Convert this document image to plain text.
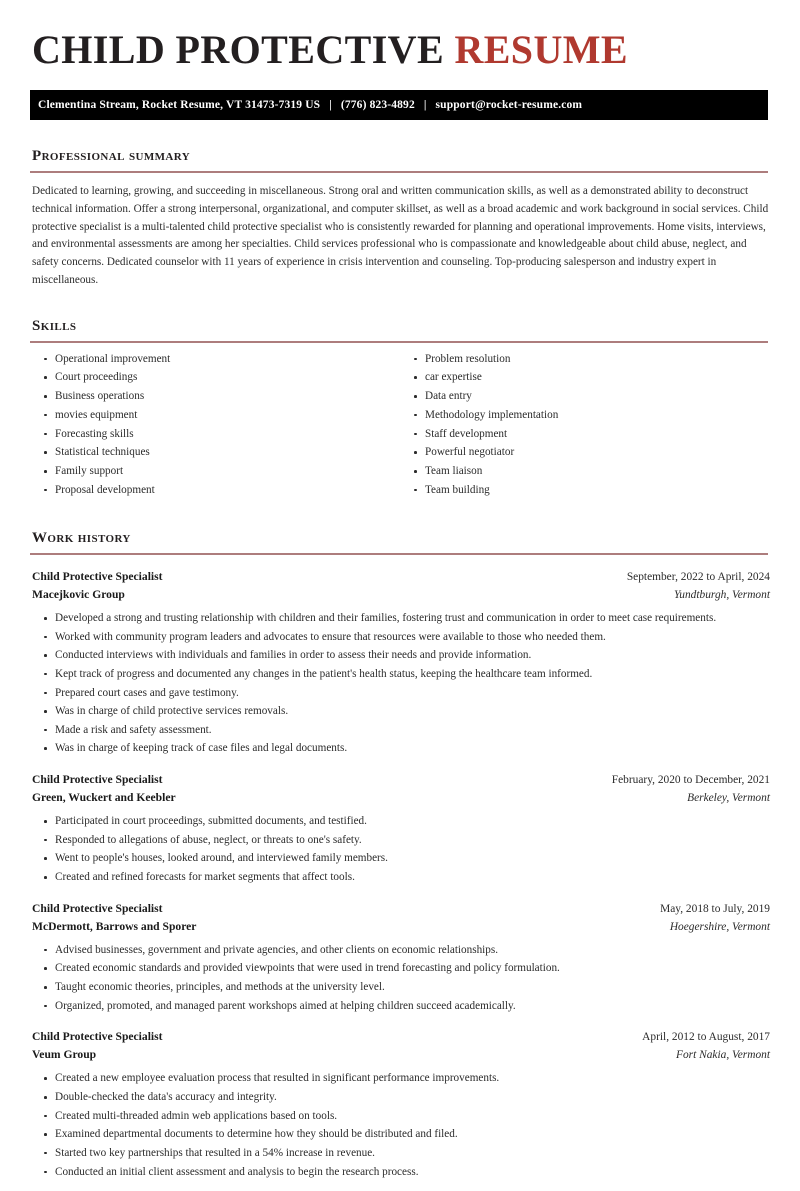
CHILD PROTECTIVE RESUME
Clementina Stream, Rocket Resume, VT 31473-7319 US | (776) 823-4892 | support@rocket-resume.com
professional summary

Dedicated to learning, growing, and succeeding in miscellaneous. Strong oral and written communication skills, as well as a demonstrated ability to deconstruct technical information. Offer a strong interpersonal, organizational, and computer skillset, as well as a broad academic and work background in social services. Child protective specialist is a multi-talented child protective specialist who is consistently rewarded for planning and operational improvements. Home visits, interviews, and environmental assessments are among her specialties. Child services professional who is compassionate and knowledgeable about child abuse, neglect, and safety concerns. Dedicated counselor with 11 years of experience in crisis intervention and counseling. Top-producing salesperson and industry expert in miscellaneous.

skills
Operational improvement
Court proceedings
Business operations
movies equipment
Forecasting skills
Statistical techniques
Family support
Proposal development
Problem resolution
car expertise
Data entry
Methodology implementation
Staff development
Powerful negotiator
Team liaison
Team building
work history
Child Protective Specialist	September, 2022 to April, 2024
Macejkovic Group	Yundtburgh, Vermont
Developed a strong and trusting relationship with children and their families, fostering trust and communication in order to meet case requirements.
Worked with community program leaders and advocates to ensure that resources were available to those who needed them.
Conducted interviews with individuals and families in order to assess their needs and provide information.
Kept track of progress and documented any changes in the patient's health status, keeping the healthcare team informed.
Prepared court cases and gave testimony.
Was in charge of child protective services removals.
Made a risk and safety assessment.
Was in charge of keeping track of case files and legal documents.
Child Protective Specialist	February, 2020 to December, 2021
Green, Wuckert and Keebler	Berkeley, Vermont
Participated in court proceedings, submitted documents, and testified.
Responded to allegations of abuse, neglect, or threats to one's safety.
Went to people's houses, looked around, and interviewed family members.
Created and refined forecasts for market segments that affect tools.
Child Protective Specialist	May, 2018 to July, 2019
McDermott, Barrows and Sporer	Hoegershire, Vermont
Advised businesses, government and private agencies, and other clients on economic relationships.
Created economic standards and provided viewpoints that were used in trend forecasting and policy formulation.
Taught economic theories, principles, and methods at the university level.
Organized, promoted, and managed parent workshops aimed at helping children succeed academically.
Child Protective Specialist	April, 2012 to August, 2017
Veum Group	Fort Nakia, Vermont
Created a new employee evaluation process that resulted in significant performance improvements.
Double-checked the data's accuracy and integrity.
Created multi-threaded admin web applications based on tools.
Examined departmental documents to determine how they should be distributed and filed.
Started two key partnerships that resulted in a 54% increase in revenue.
Conducted an initial client assessment and analysis to begin the research process.
